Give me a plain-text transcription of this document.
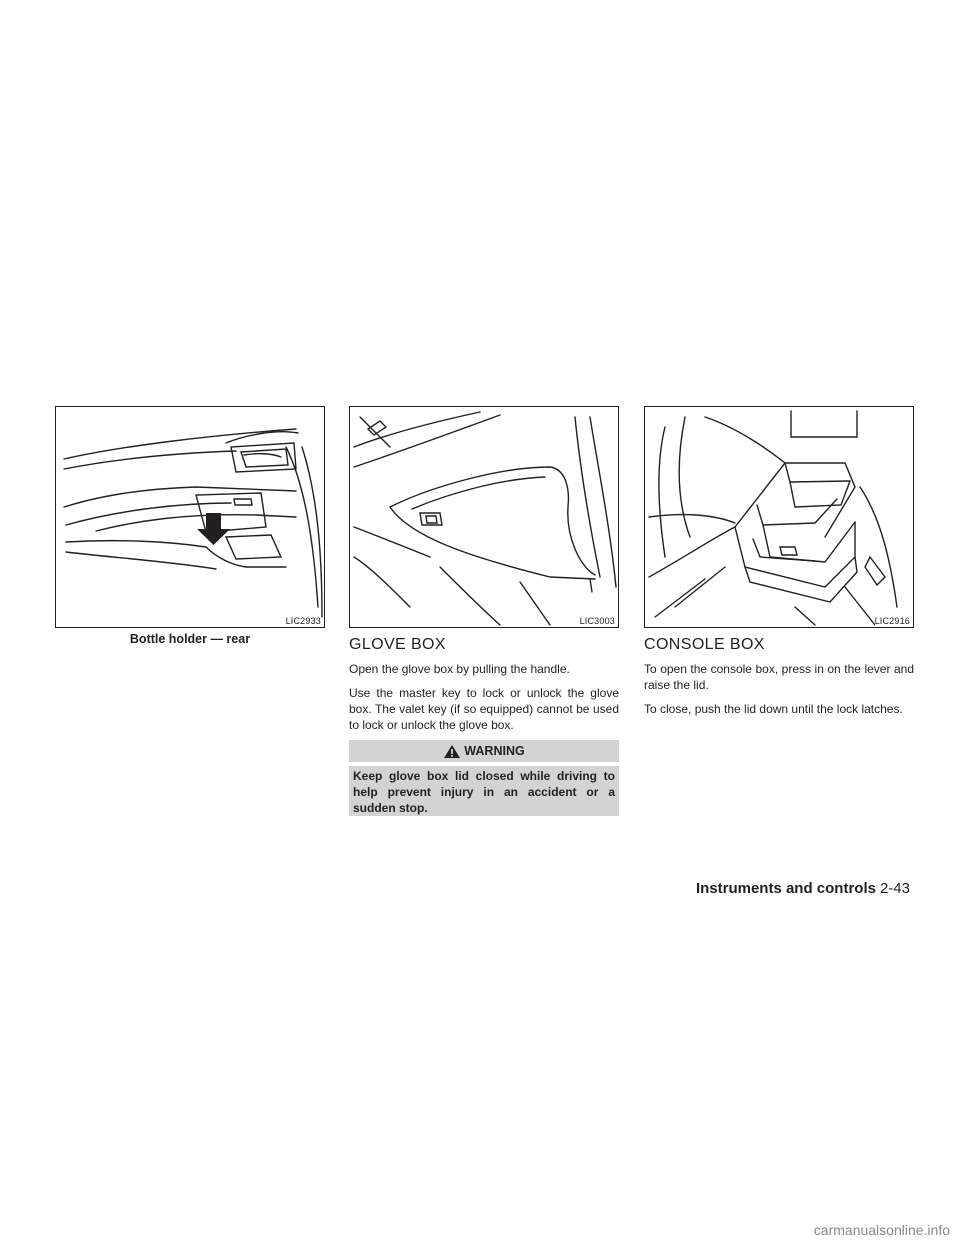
LIC2933
Bottle holder — rear
LIC3003	LIC2916
GLOVE BOX

Open the glove box by pulling the handle.

Use the master key to lock or unlock the glove box. The valet key (if so equipped) cannot be used to lock or unlock the glove box.

WARNING
Keep glove box lid closed while driving to help prevent injury in an accident or a sudden stop.
CONSOLE BOX

To open the console box, press in on the lever and raise the lid.

To close, push the lid down until the lock latches.

Instruments and controls 2-43
carmanualsonline.info
